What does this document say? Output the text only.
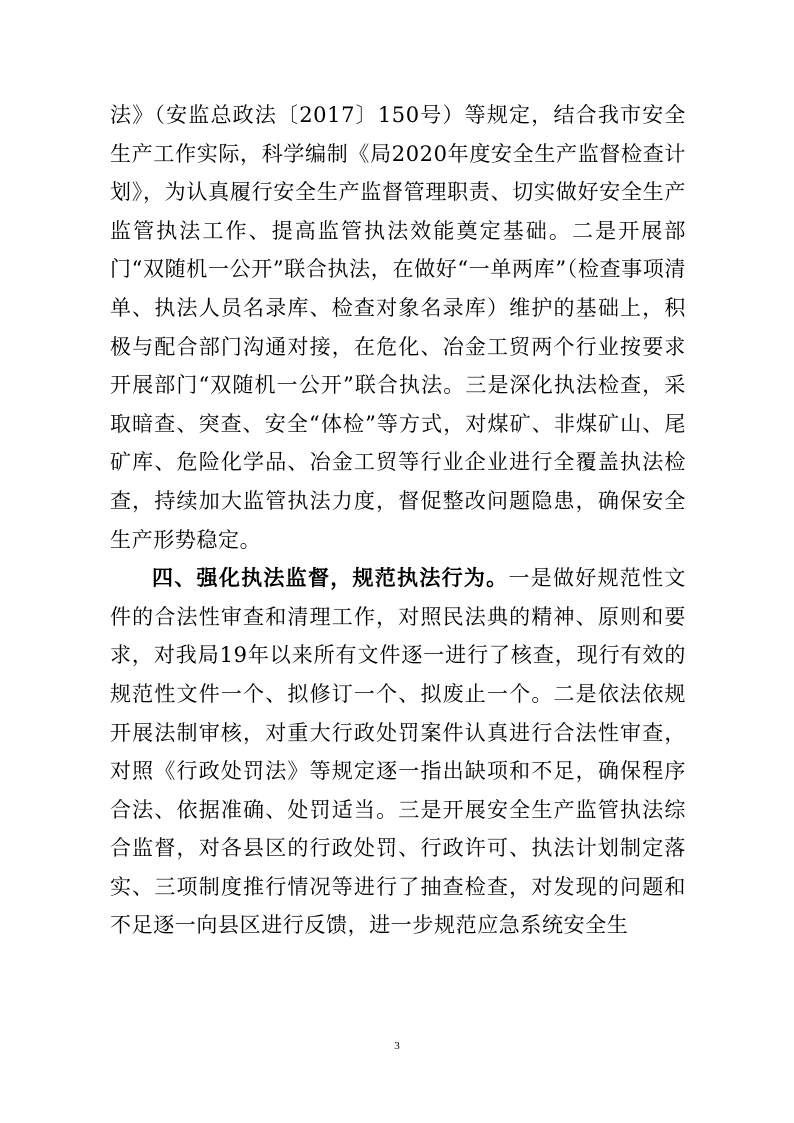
法》（安监总政法〔2017〕150号）等规定，结合我市安全生产工作实际，科学编制《局2020年度安全生产监督检查计划》，为认真履行安全生产监督管理职责、切实做好安全生产监管执法工作、提高监管执法效能奠定基础。二是开展部门“双随机一公开”联合执法，在做好“一单两库”（检查事项清单、执法人员名录库、检查对象名录库）维护的基础上，积极与配合部门沟通对接，在危化、冶金工贸两个行业按要求开展部门“双随机一公开”联合执法。三是深化执法检查，采取暗查、突查、安全“体检”等方式，对煤矿、非煤矿山、尾矿库、危险化学品、冶金工贸等行业企业进行全覆盖执法检查，持续加大监管执法力度，督促整改问题隐患，确保安全生产形势稳定。

四、强化执法监督，规范执法行为。一是做好规范性文件的合法性审查和清理工作，对照民法典的精神、原则和要求，对我局19年以来所有文件逐一进行了核查，现行有效的规范性文件一个、拟修订一个、拟废止一个。二是依法依规开展法制审核，对重大行政处罚案件认真进行合法性审查，对照《行政处罚法》等规定逐一指出缺项和不足，确保程序合法、依据准确、处罚适当。三是开展安全生产监管执法综合监督，对各县区的行政处罚、行政许可、执法计划制定落实、三项制度推行情况等进行了抽查检查，对发现的问题和不足逐一向县区进行反馈，进一步规范应急系统安全生

3
